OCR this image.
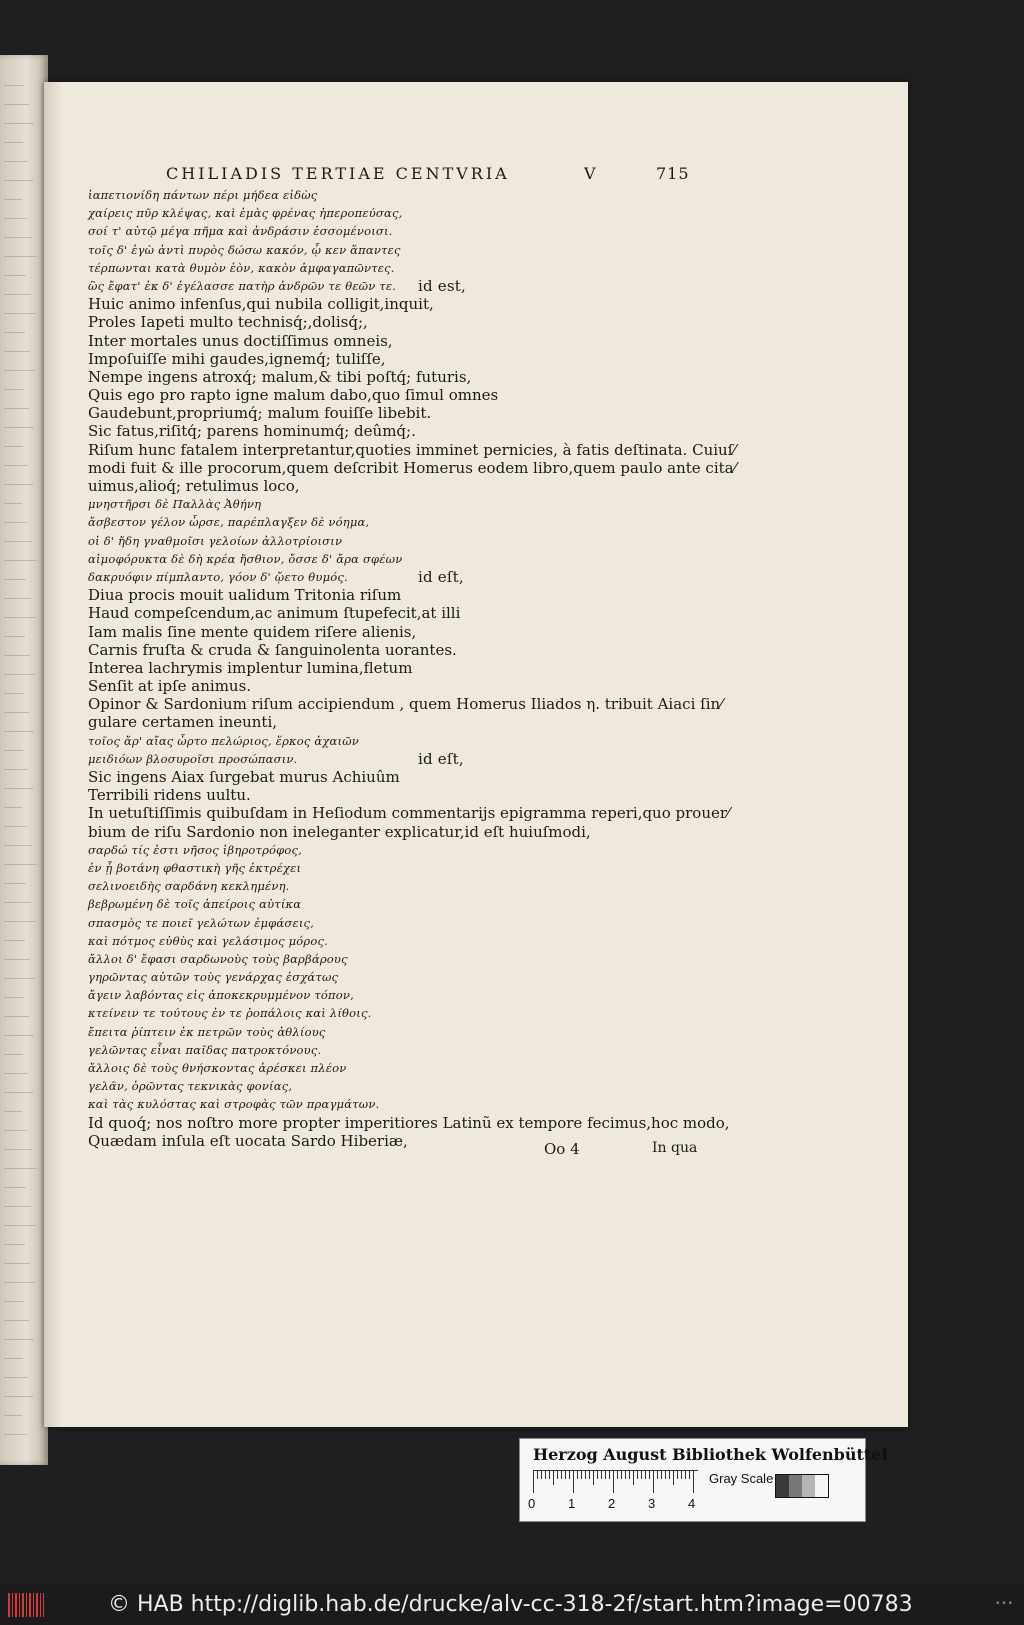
CHILIADIS TERTIAE CENTVRIA	V	715
ἰαπετιονίδη πάντων πέρι μήδεα εἰδὼς
χαίρεις πῦρ κλέψας, καὶ ἐμὰς φρένας ἠπεροπεύσας,
σοί τ' αὐτῷ μέγα πῆμα καὶ ἀνδράσιν ἐσσομένοισι.
τοῖς δ' ἐγὼ ἀντὶ πυρὸς δώσω κακόν, ᾧ κεν ἅπαντες
τέρπωνται κατὰ θυμὸν ἑὸν, κακὸν ἀμφαγαπῶντες.
ὣς ἔφατ' ἐκ δ' ἐγέλασσε πατὴρ ἀνδρῶν τε θεῶν τε. id est,
Huic animo infenſus,qui nubila colligit,inquit,
Proles Iapeti multo technisq́;,dolisq́;,
Inter mortales unus doctiſſimus omneis,
Impoſuiſſe mihi gaudes,ignemq́; tuliſſe,
Nempe ingens atroxq́; malum,& tibi poſtq́; futuris,
Quis ego pro rapto igne malum dabo,quo ſimul omnes
Gaudebunt,propriumq́; malum fouiſſe libebit.
Sic fatus,riſitq́; parens hominumq́; deûmq́;.
Riſum hunc fatalem interpretantur,quoties imminet pernicies, à fatis deſtinata. Cuiuſ⁄
modi fuit & ille procorum,quem deſcribit Homerus eodem libro,quem paulo ante cita⁄
uimus,alioq́; retulimus loco,
μνηστῆρσι δὲ Παλλὰς Ἀθήνη
ἄσβεστον γέλον ὦρσε, παρέπλαγξεν δὲ νόημα,
οἱ δ' ἤδη γναθμοῖσι γελοίων ἀλλοτρίοισιν
αἱμοφόρυκτα δὲ δὴ κρέα ἤσθιον, ὄσσε δ' ἄρα σφέων
δακρυόφιν πίμπλαντο, γόον δ' ᾤετο θυμός.	id eſt,
Diua procis mouit ualidum Tritonia riſum
Haud compeſcendum,ac animum ſtupefecit,at illi
Iam malis ſine mente quidem riſere alienis,
Carnis fruſta & cruda & ſanguinolenta uorantes.
Interea lachrymis implentur lumina,fletum
Senſit at ipſe animus.
Opinor & Sardonium riſum accipiendum , quem Homerus Iliados η. tribuit Aiaci ſin⁄
gulare certamen ineunti,
τοῖος ἄρ' αἴας ὦρτο πελώριος, ἕρκος ἀχαιῶν
μειδιόων βλοσυροῖσι προσώπασιν.	id eſt,
Sic ingens Aiax ſurgebat murus Achiuûm
Terribili ridens uultu.
In uetuſtiſſimis quibuſdam in Heſiodum commentarijs epigramma reperi,quo prouer⁄
bium de riſu Sardonio non ineleganter explicatur,id eſt huiuſmodi,
σαρδώ τίς ἐστι νῆσος ἰβηροτρόφος,
ἐν ᾗ βοτάνη φθαστικὴ γῆς ἐκτρέχει
σελινοειδὴς σαρδάνη κεκλημένη.
βεβρωμένη δὲ τοῖς ἀπείροις αὐτίκα
σπασμὸς τε ποιεῖ γελώτων ἐμφάσεις,
καὶ πότμος εὐθὺς καὶ γελάσιμος μόρος.
ἄλλοι δ' ἔφασι σαρδωνοὺς τοὺς βαρβάρους
γηρῶντας αὐτῶν τοὺς γενάρχας ἐσχάτως
ἄγειν λαβόντας εἰς ἀποκεκρυμμένον τόπον,
κτείνειν τε τούτους ἐν τε ῥοπάλοις καὶ λίθοις.
ἔπειτα ῥίπτειν ἐκ πετρῶν τοὺς ἀθλίους
γελῶντας εἶναι παῖδας πατροκτόνους.
ἄλλοις δὲ τοὺς θνήσκοντας ἀρέσκει πλέον
γελᾶν, ὁρῶντας τεκνικὰς φονίας,
καὶ τὰς κυλόστας καὶ στροφὰς τῶν πραγμάτων.
Id quoq́; nos noſtro more propter imperitiores Latinũ ex tempore fecimus,hoc modo,
Quædam inſula eſt uocata Sardo Hiberiæ,	Oo 4	In qua
Herzog August Bibliothek Wolfenbüttel
0	1	2	3	4
Gray Scale
© HAB http://diglib.hab.de/drucke/alv-cc-318-2f/start.htm?image=00783	•••
